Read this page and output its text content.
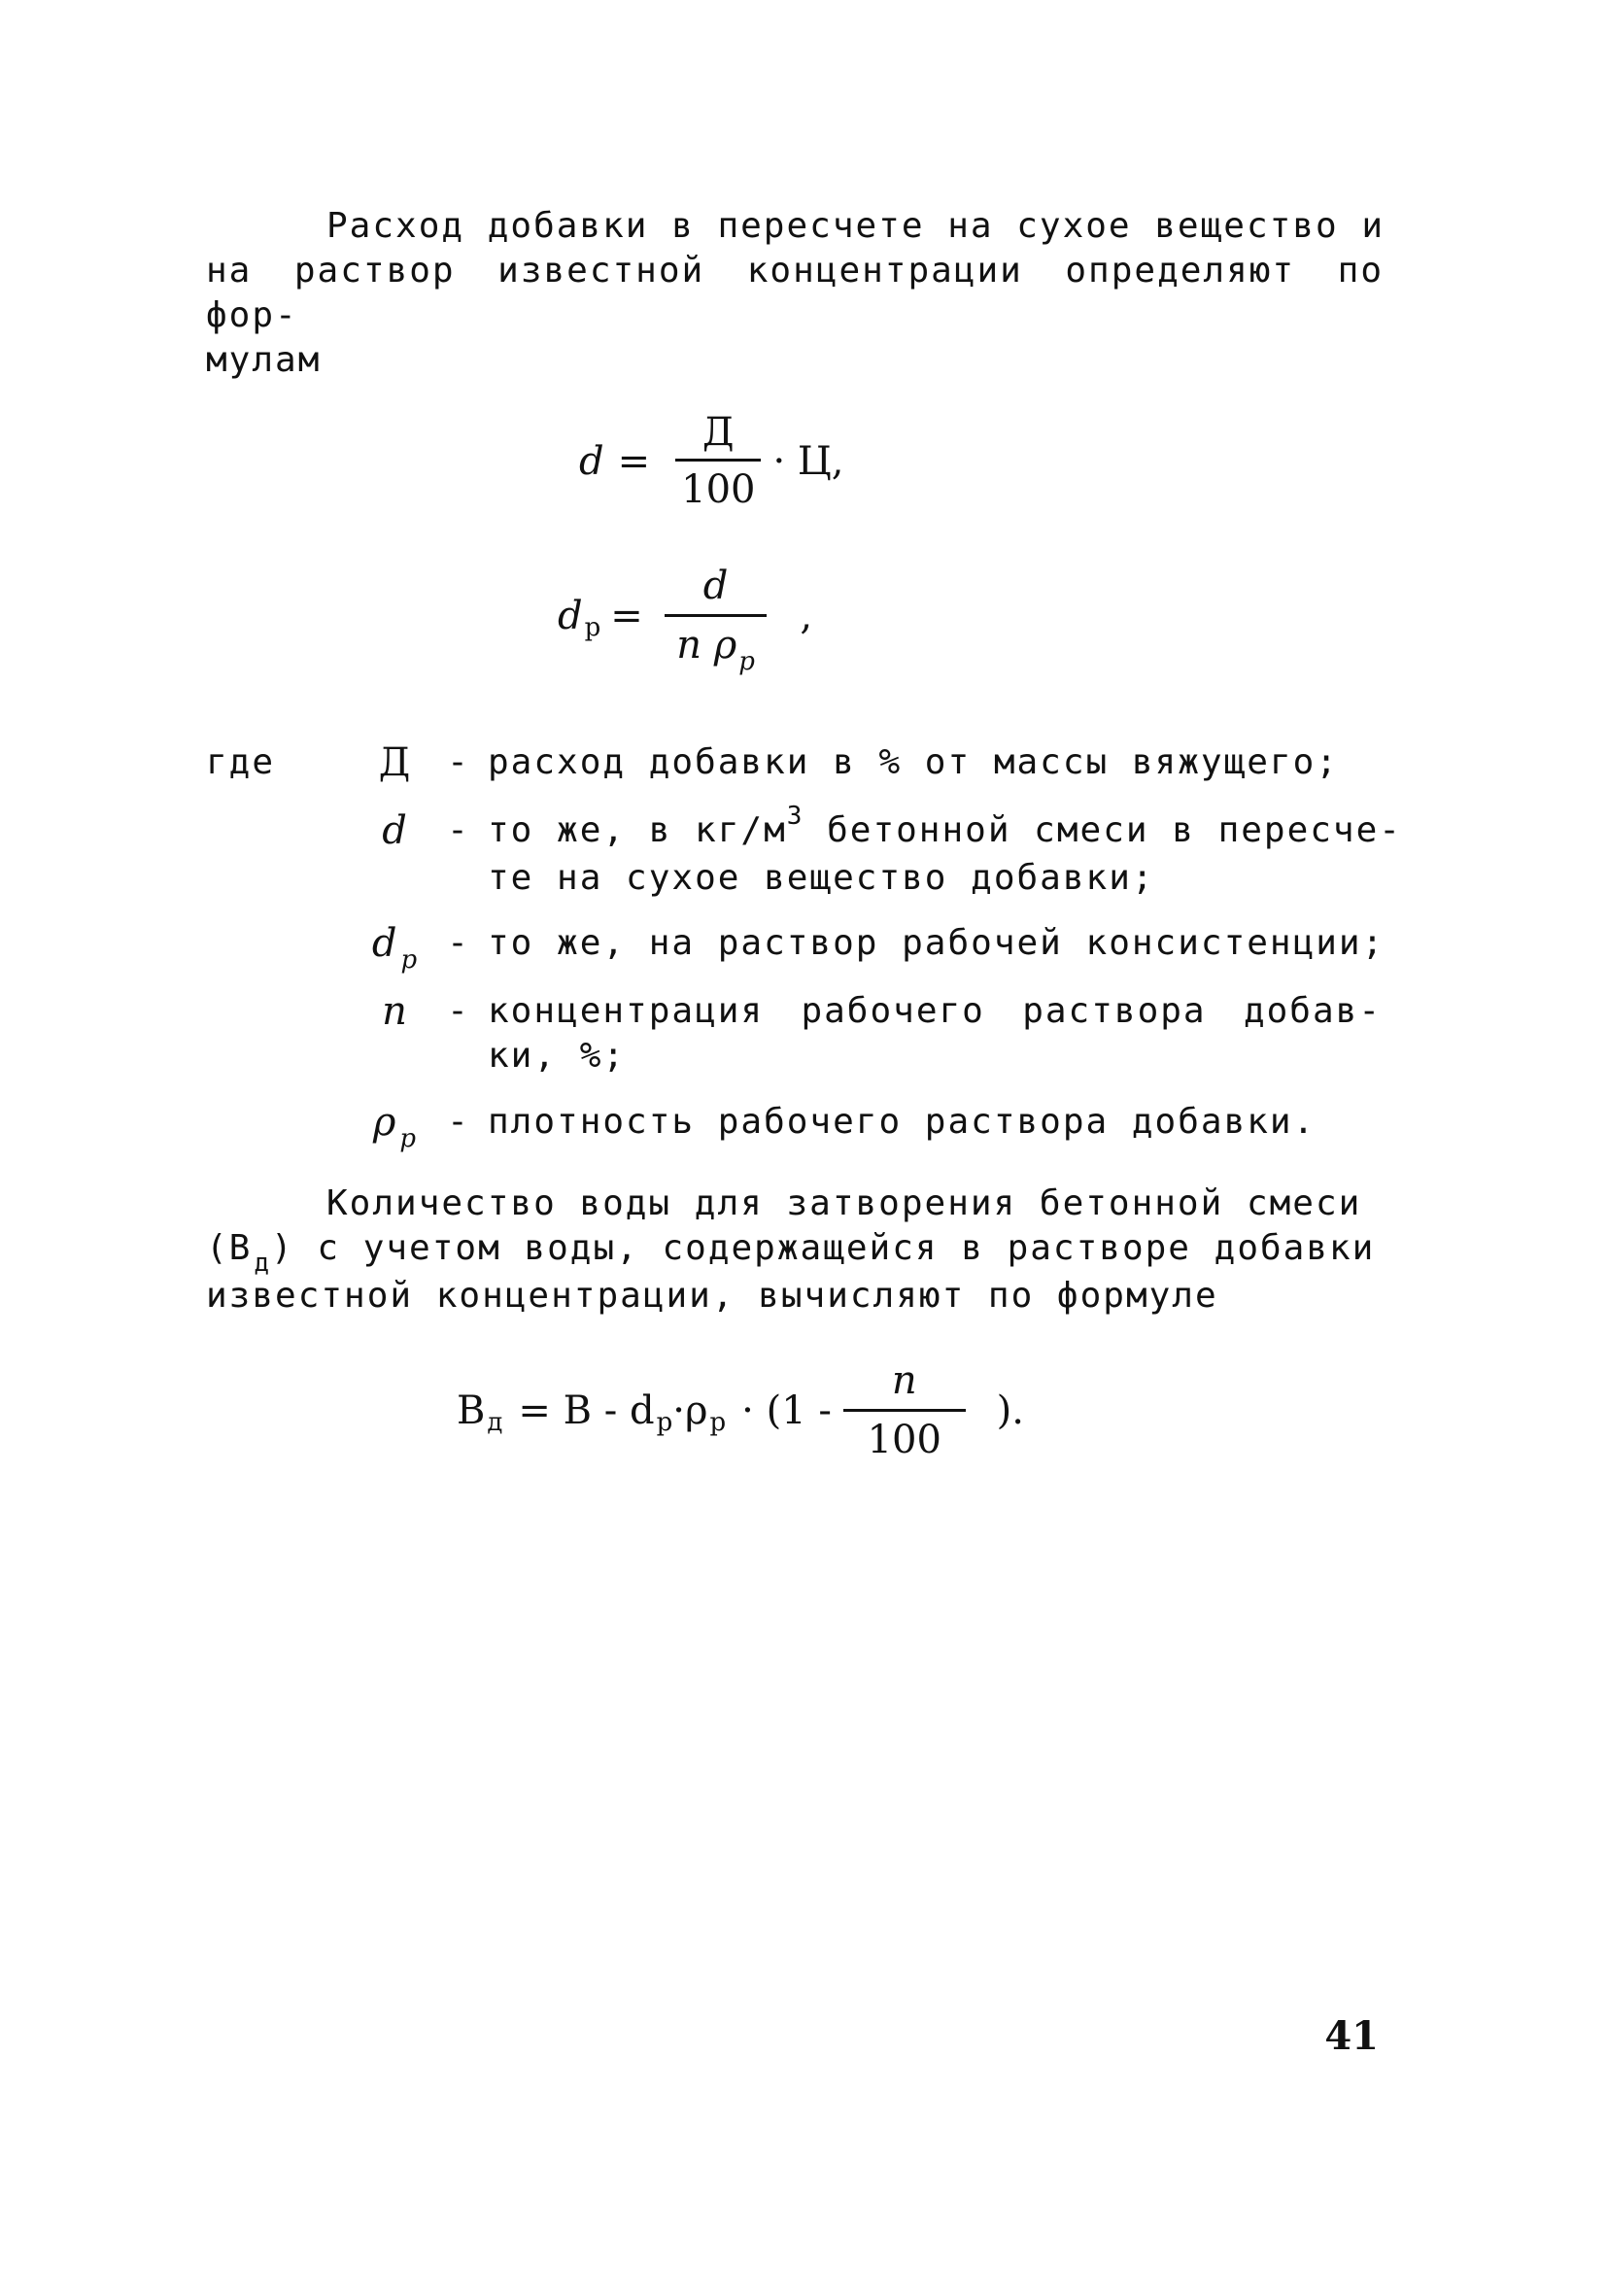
Расход добавки в пересчете на сухое вещество и
на раствор известной концентрации определяют по фор-
мулам
$d = \frac{Д}{100} \cdot Ц$,
d $р = \frac{d}{n \rho_р}$ ,
где	Д - расход добавки в % от массы вяжущего;
d	- то же, в $кг/м^3$ бетонной смеси в пересче-
те на сухое вещество добавки;
$d_р$ - то же, на раствор рабочей консистенции;
n	- концентрация рабочего раствора добав-
ки, %;
$\rho_р$ - плотность рабочего раствора добавки.
Количество воды для затворения бетонной смеси
$(В_д)$ с учетом воды, содержащейся в растворе добавки
известной концентрации, вычисляют по формуле
В д = В - d р ·ρ $р \cdot (1 - \frac{n}{100}$ ).
41
